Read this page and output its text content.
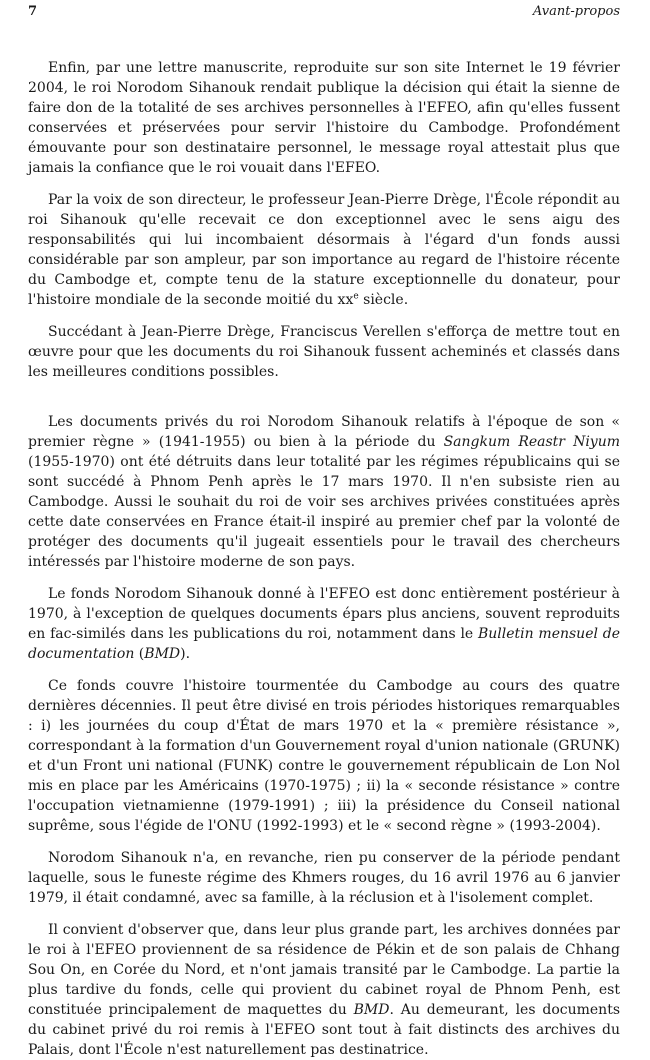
7	Avant-propos

Enfin, par une lettre manuscrite, reproduite sur son site Internet le 19 février 2004, le roi Norodom Sihanouk rendait publique la décision qui était la sienne de faire don de la totalité de ses archives personnelles à l'EFEO, afin qu'elles fussent conservées et préservées pour servir l'histoire du Cambodge. Profondément émouvante pour son destinataire personnel, le message royal attestait plus que jamais la confiance que le roi vouait dans l'EFEO.

Par la voix de son directeur, le professeur Jean-Pierre Drège, l'École répondit au roi Sihanouk qu'elle recevait ce don exceptionnel avec le sens aigu des responsabilités qui lui incombaient désormais à l'égard d'un fonds aussi considérable par son ampleur, par son importance au regard de l'histoire récente du Cambodge et, compte tenu de la stature exceptionnelle du donateur, pour l'histoire mondiale de la seconde moitié du $xx^e$ siècle.

Succédant à Jean-Pierre Drège, Franciscus Verellen s'efforça de mettre tout en œuvre pour que les documents du roi Sihanouk fussent acheminés et classés dans les meilleures conditions possibles.

Les documents privés du roi Norodom Sihanouk relatifs à l'époque de son « premier règne » (1941-1955) ou bien à la période du Sangkum Reastr Niyum (1955-1970) ont été détruits dans leur totalité par les régimes républicains qui se sont succédé à Phnom Penh après le 17 mars 1970. Il n'en subsiste rien au Cambodge. Aussi le souhait du roi de voir ses archives privées constituées après cette date conservées en France était-il inspiré au premier chef par la volonté de protéger des documents qu'il jugeait essentiels pour le travail des chercheurs intéressés par l'histoire moderne de son pays.

Le fonds Norodom Sihanouk donné à l'EFEO est donc entièrement postérieur à 1970, à l'exception de quelques documents épars plus anciens, souvent reproduits en fac-similés dans les publications du roi, notamment dans le Bulletin mensuel de documentation (BMD).

Ce fonds couvre l'histoire tourmentée du Cambodge au cours des quatre dernières décennies. Il peut être divisé en trois périodes historiques remarquables : i) les journées du coup d'État de mars 1970 et la « première résistance », correspondant à la formation d'un Gouvernement royal d'union nationale (GRUNK) et d'un Front uni national (FUNK) contre le gouvernement républicain de Lon Nol mis en place par les Américains (1970-1975) ; ii) la « seconde résistance » contre l'occupation vietnamienne (1979-1991) ; iii) la présidence du Conseil national suprême, sous l'égide de l'ONU (1992-1993) et le « second règne » (1993-2004).

Norodom Sihanouk n'a, en revanche, rien pu conserver de la période pendant laquelle, sous le funeste régime des Khmers rouges, du 16 avril 1976 au 6 janvier 1979, il était condamné, avec sa famille, à la réclusion et à l'isolement complet.

Il convient d'observer que, dans leur plus grande part, les archives données par le roi à l'EFEO proviennent de sa résidence de Pékin et de son palais de Chhang Sou On, en Corée du Nord, et n'ont jamais transité par le Cambodge. La partie la plus tardive du fonds, celle qui provient du cabinet royal de Phnom Penh, est constituée principalement de maquettes du BMD. Au demeurant, les documents du cabinet privé du roi remis à l'EFEO sont tout à fait distincts des archives du Palais, dont l'École n'est naturellement pas destinatrice.
